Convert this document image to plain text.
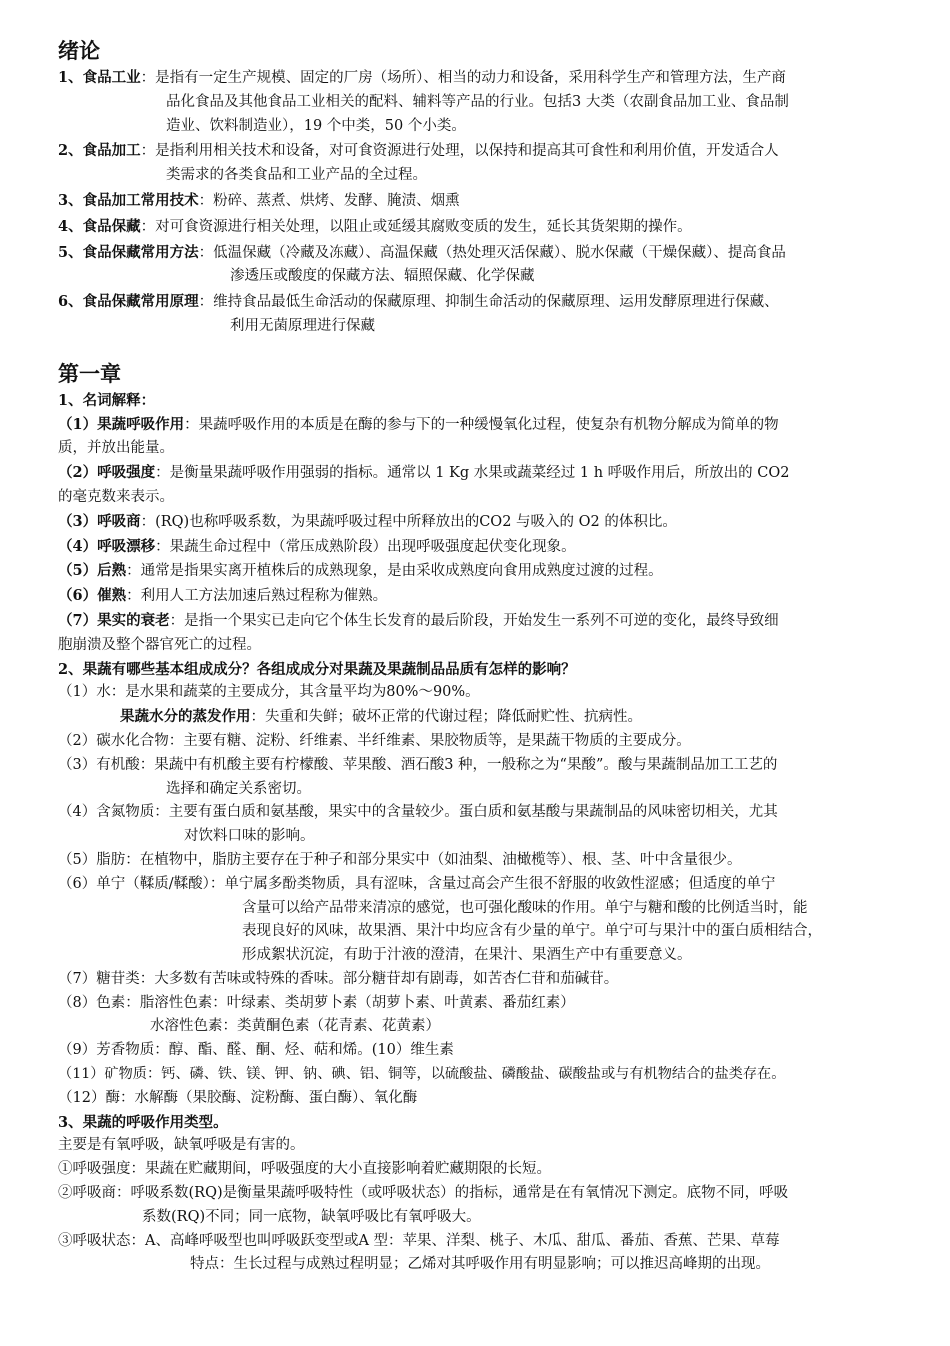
绪论
1、食品工业：是指有一定生产规模、固定的厂房（场所）、相当的动力和设备，采用科学生产和管理方法，生产商
品化食品及其他食品工业相关的配料、辅料等产品的行业。包括3 大类（农副食品加工业、食品制
造业、饮料制造业），19 个中类，50 个小类。
2、食品加工：是指利用相关技术和设备，对可食资源进行处理，以保持和提高其可食性和利用价值，开发适合人
类需求的各类食品和工业产品的全过程。
3、食品加工常用技术：粉碎、蒸煮、烘烤、发酵、腌渍、烟熏
4、食品保藏：对可食资源进行相关处理，以阻止或延缓其腐败变质的发生，延长其货架期的操作。
5、食品保藏常用方法：低温保藏（冷藏及冻藏）、高温保藏（热处理灭活保藏）、脱水保藏（干燥保藏）、提高食品
渗透压或酸度的保藏方法、辐照保藏、化学保藏
6、食品保藏常用原理：维持食品最低生命活动的保藏原理、抑制生命活动的保藏原理、运用发酵原理进行保藏、
利用无菌原理进行保藏
第一章
1、名词解释：
（1）果蔬呼吸作用：果蔬呼吸作用的本质是在酶的参与下的一种缓慢氧化过程，使复杂有机物分解成为简单的物
质，并放出能量。
（2）呼吸强度：是衡量果蔬呼吸作用强弱的指标。通常以 1 Kg 水果或蔬菜经过 1 h 呼吸作用后，所放出的 CO2
的毫克数来表示。
（3）呼吸商：(RQ)也称呼吸系数，为果蔬呼吸过程中所释放出的CO2 与吸入的 O2 的体积比。
（4）呼吸漂移：果蔬生命过程中（常压成熟阶段）出现呼吸强度起伏变化现象。
（5）后熟：通常是指果实离开植株后的成熟现象，是由采收成熟度向食用成熟度过渡的过程。
（6）催熟：利用人工方法加速后熟过程称为催熟。
（7）果实的衰老：是指一个果实已走向它个体生长发育的最后阶段，开始发生一系列不可逆的变化，最终导致细
胞崩溃及整个器官死亡的过程。
2、果蔬有哪些基本组成成分？各组成成分对果蔬及果蔬制品品质有怎样的影响？
（1）水：是水果和蔬菜的主要成分，其含量平均为80%～90%。
果蔬水分的蒸发作用：失重和失鲜；破坏正常的代谢过程；降低耐贮性、抗病性。
（2）碳水化合物：主要有糖、淀粉、纤维素、半纤维素、果胶物质等，是果蔬干物质的主要成分。
（3）有机酸：果蔬中有机酸主要有柠檬酸、苹果酸、酒石酸3 种，一般称之为“果酸”。酸与果蔬制品加工工艺的
选择和确定关系密切。
（4）含氮物质：主要有蛋白质和氨基酸，果实中的含量较少。蛋白质和氨基酸与果蔬制品的风味密切相关，尤其
对饮料口味的影响。
（5）脂肪：在植物中，脂肪主要存在于种子和部分果实中（如油梨、油橄榄等）、根、茎、叶中含量很少。
（6）单宁（鞣质/鞣酸）：单宁属多酚类物质，具有涩味，含量过高会产生很不舒服的收敛性涩感；但适度的单宁
含量可以给产品带来清凉的感觉，也可强化酸味的作用。单宁与糖和酸的比例适当时，能
表现良好的风味，故果酒、果汁中均应含有少量的单宁。单宁可与果汁中的蛋白质相结合，
形成絮状沉淀，有助于汁液的澄清，在果汁、果酒生产中有重要意义。
（7）糖苷类：大多数有苦味或特殊的香味。部分糖苷却有剧毒，如苦杏仁苷和茄碱苷。
（8）色素：脂溶性色素：叶绿素、类胡萝卜素（胡萝卜素、叶黄素、番茄红素）
水溶性色素：类黄酮色素（花青素、花黄素）
（9）芳香物质：醇、酯、醛、酮、烃、萜和烯。(10）维生素
（11）矿物质：钙、磷、铁、镁、钾、钠、碘、铝、铜等，以硫酸盐、磷酸盐、碳酸盐或与有机物结合的盐类存在。
（12）酶：水解酶（果胶酶、淀粉酶、蛋白酶）、氧化酶
3、果蔬的呼吸作用类型。
主要是有氧呼吸，缺氧呼吸是有害的。
①呼吸强度：果蔬在贮藏期间，呼吸强度的大小直接影响着贮藏期限的长短。
②呼吸商：呼吸系数(RQ)是衡量果蔬呼吸特性（或呼吸状态）的指标，通常是在有氧情况下测定。底物不同，呼吸
系数(RQ)不同；同一底物，缺氧呼吸比有氧呼吸大。
③呼吸状态：A、高峰呼吸型也叫呼吸跃变型或A 型：苹果、洋梨、桃子、木瓜、甜瓜、番茄、香蕉、芒果、草莓
特点：生长过程与成熟过程明显；乙烯对其呼吸作用有明显影响；可以推迟高峰期的出现。
